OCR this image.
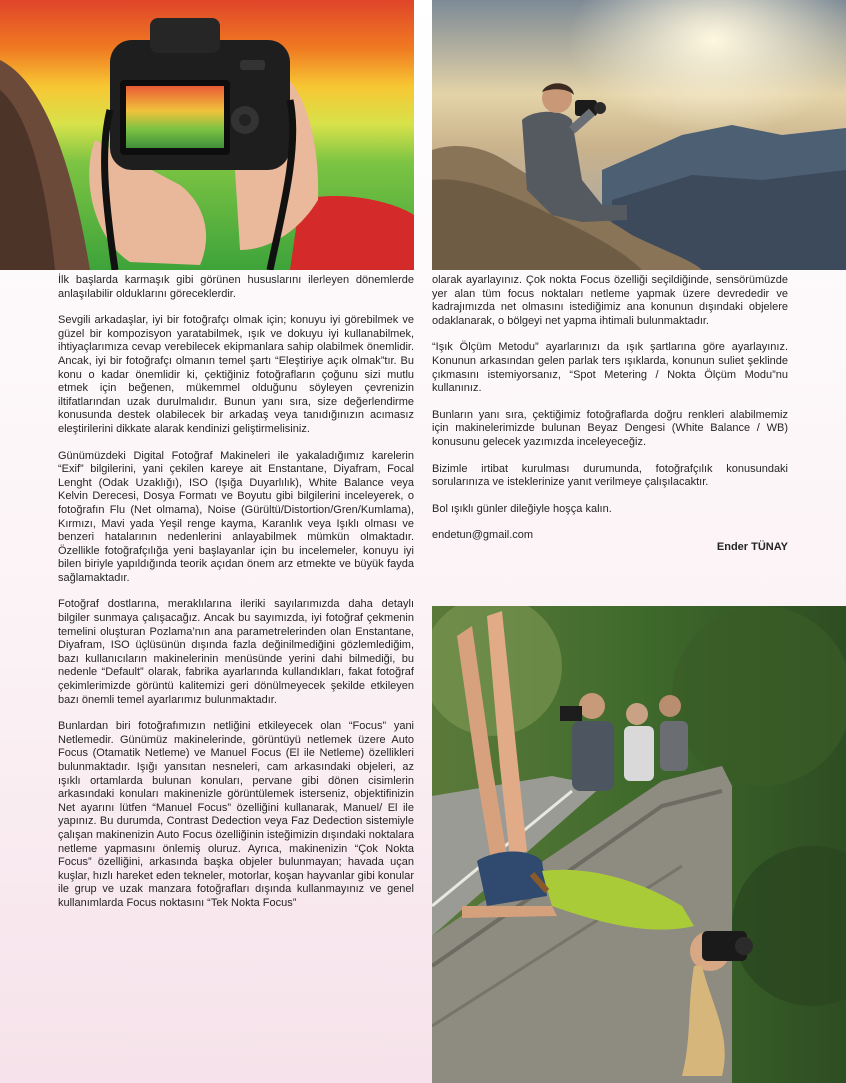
İlk başlarda karmaşık gibi görünen hususlarını ilerleyen dönemlerde anlaşılabilir olduklarını göreceklerdir.

Sevgili arkadaşlar, iyi bir fotoğrafçı olmak için; konuyu iyi görebilmek ve güzel bir kompozisyon yaratabilmek, ışık ve dokuyu iyi kullanabilmek, ihtiyaçlarımıza cevap verebilecek ekipmanlara sahip olabilmek önemlidir. Ancak, iyi bir fotoğrafçı olmanın temel şartı “Eleştiriye açık olmak”tır. Bu konu o kadar önemlidir ki, çektiğiniz fotoğrafların çoğunu sizi mutlu etmek için beğenen, mükemmel olduğunu söyleyen çevrenizin iltifatlarından uzak durulmalıdır. Bunun yanı sıra, size değerlendirme konusunda destek olabilecek bir arkadaş veya tanıdığınızın acımasız eleştirilerini dikkate alarak kendinizi geliştirmelisiniz.

Günümüzdeki Digital Fotoğraf Makineleri ile yakaladığımız karelerin “Exif” bilgilerini, yani çekilen kareye ait Enstantane, Diyafram, Focal Lenght (Odak Uzaklığı), ISO (Işığa Duyarlılık), White Balance veya Kelvin Derecesi, Dosya Formatı ve Boyutu gibi bilgilerini inceleyerek, o fotoğrafın Flu (Net olmama), Noise (Gürültü/Distortion/Gren/Kumlama), Kırmızı, Mavi yada Yeşil renge kayma, Karanlık veya Işıklı olması ve benzeri hatalarının nedenlerini anlayabilmek mümkün olmaktadır. Özellikle fotoğrafçılığa yeni başlayanlar için bu incelemeler, konuyu iyi bilen biriyle yapıldığında teorik açıdan önem arz etmekte ve büyük fayda sağlamaktadır.

Fotoğraf dostlarına, meraklılarına ileriki sayılarımızda daha detaylı bilgiler sunmaya çalışacağız. Ancak bu sayımızda, iyi fotoğraf çekmenin temelini oluşturan Pozlama’nın ana parametrelerinden olan Enstantane, Diyafram, ISO üçlüsünün dışında fazla değinilmediğini gözlemlediğim, bazı kullanıcıların makinelerinin menüsünde yerini dahi bilmediği, bu nedenle “Default” olarak, fabrika ayarlarında kullandıkları, fakat fotoğraf çekimlerimizde görüntü kalitemizi geri dönülmeyecek şekilde etkileyen bazı önemli temel ayarlarımız bulunmaktadır.

Bunlardan biri fotoğrafımızın netliğini etkileyecek olan “Focus” yani Netlemedir. Günümüz makinelerinde, görüntüyü netlemek üzere Auto Focus (Otamatik Netleme) ve Manuel Focus (El ile Netleme) özellikleri bulunmaktadır. Işığı yansıtan nesneleri, cam arkasındaki objeleri, az ışıklı ortamlarda bulunan konuları, pervane gibi dönen cisimlerin arkasındaki konuları makinenizle görüntülemek isterseniz, objektifinizin Net ayarını lütfen “Manuel Focus” özelliğini kullanarak, Manuel/ El ile yapınız. Bu durumda, Contrast Dedection veya Faz Dedection sistemiyle çalışan makinenizin Auto Focus özelliğinin isteğimizin dışındaki noktalara netleme yapmasını önlemiş oluruz. Ayrıca, makinenizin “Çok Nokta Focus” özelliğini, arkasında başka objeler bulunmayan; havada uçan kuşlar, hızlı hareket eden tekneler, motorlar, koşan hayvanlar gibi konular ile grup ve uzak manzara fotoğrafları dışında kullanmayınız ve genel kullanımlarda Focus noktasını “Tek Nokta Focus”

olarak ayarlayınız. Çok nokta Focus özelliği seçildiğinde, sensörümüzde yer alan tüm focus noktaları netleme yapmak üzere devrededir ve kadrajımızda net olmasını istediğimiz ana konunun dışındaki objelere odaklanarak, o bölgeyi net yapma ihtimali bulunmaktadır.

“Işık Ölçüm Metodu” ayarlarınızı da ışık şartlarına göre ayarlayınız. Konunun arkasından gelen parlak ters ışıklarda, konunun suliet şeklinde çıkmasını istemiyorsanız, “Spot Metering / Nokta Ölçüm Modu”nu kullanınız.

Bunların yanı sıra, çektiğimiz fotoğraflarda doğru renkleri alabilmemiz için makinelerimizde bulunan Beyaz Dengesi (White Balance / WB) konusunu gelecek yazımızda inceleyeceğiz.

Bizimle irtibat kurulması durumunda, fotoğrafçılık konusundaki sorularınıza ve isteklerinize yanıt verilmeye çalışılacaktır.

Bol ışıklı günler dileğiyle hoşça kalın.

endetun@gmail.com

Ender TÜNAY
